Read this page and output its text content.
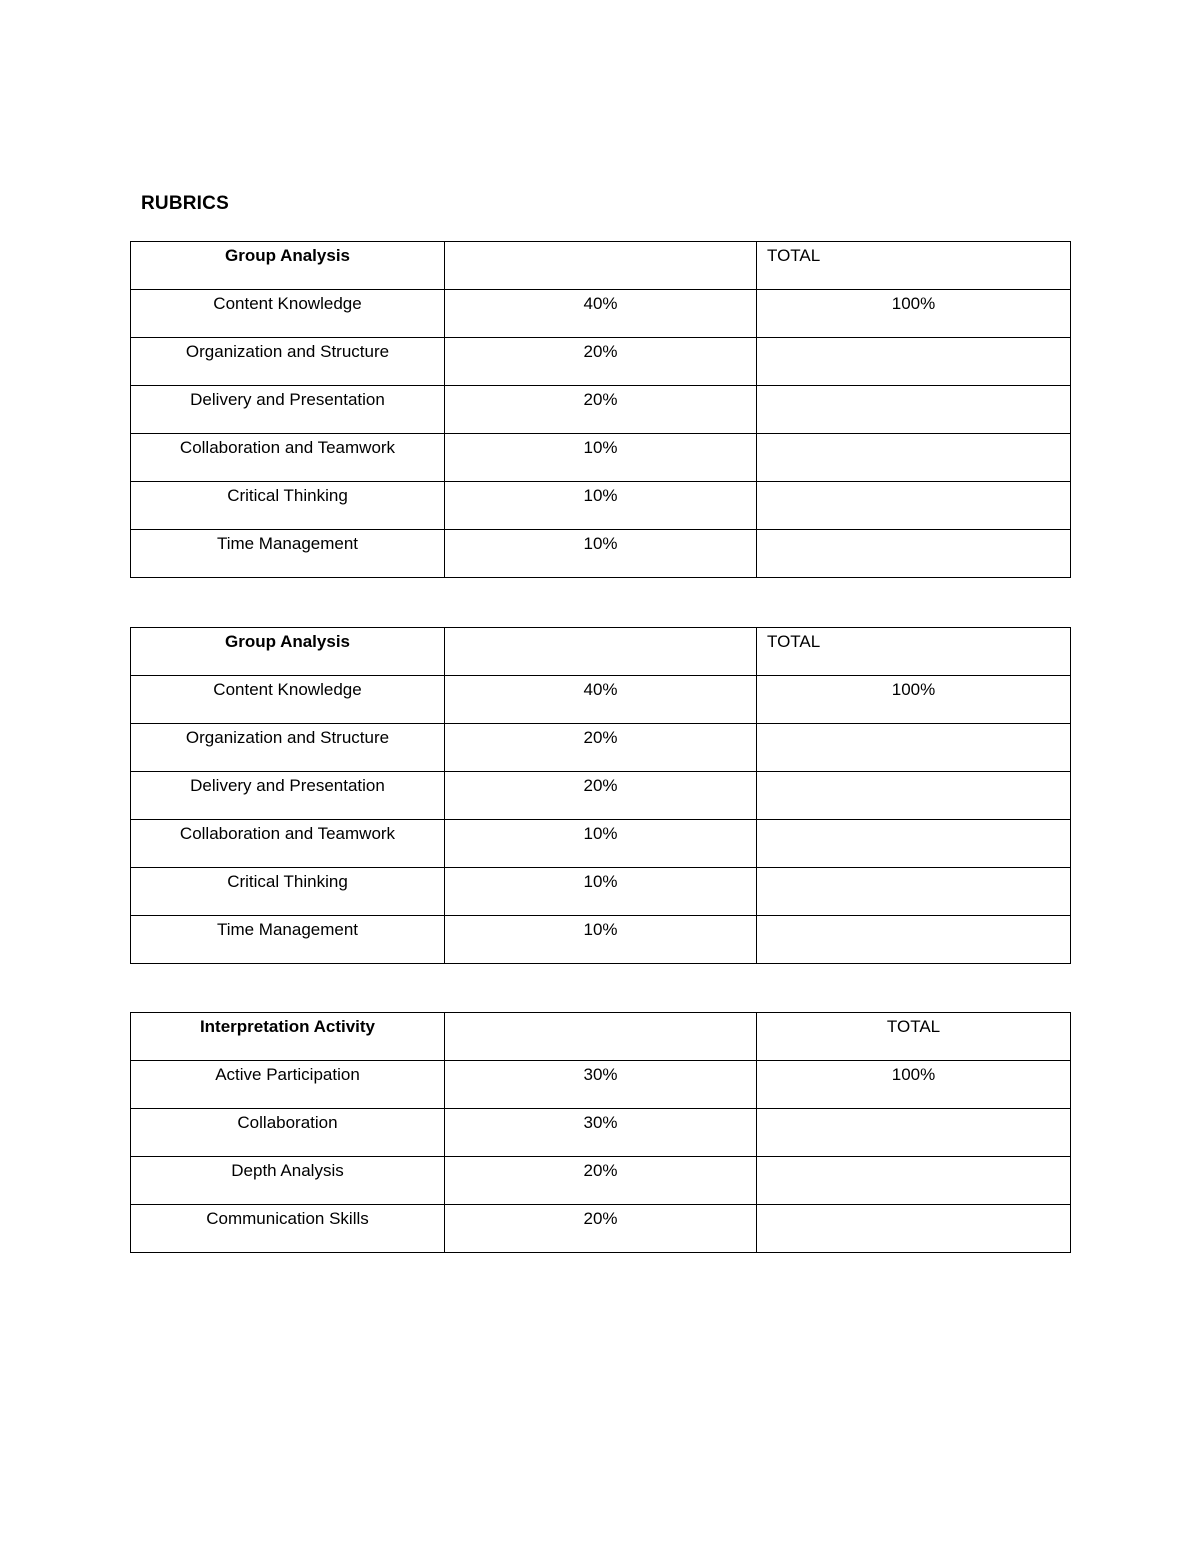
RUBRICS
Group Analysis		TOTAL
Content Knowledge	40%	100%
Organization and Structure	20%	
Delivery and Presentation	20%	
Collaboration and Teamwork	10%	
Critical Thinking	10%	
Time Management	10%	
Group Analysis		TOTAL
Content Knowledge	40%	100%
Organization and Structure	20%	
Delivery and Presentation	20%	
Collaboration and Teamwork	10%	
Critical Thinking	10%	
Time Management	10%	
Interpretation Activity		TOTAL
Active Participation	30%	100%
Collaboration	30%	
Depth Analysis	20%	
Communication Skills	20%	
